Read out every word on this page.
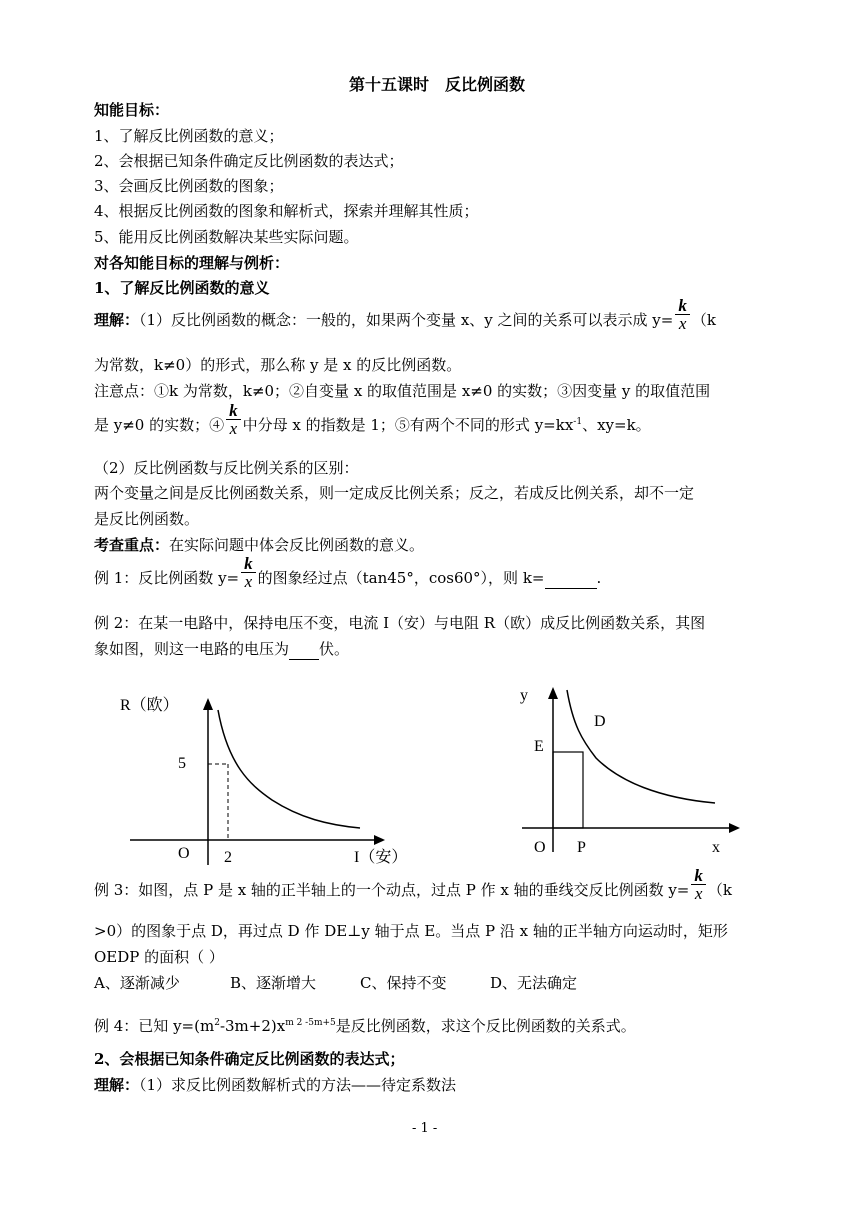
第十五课时　反比例函数
知能目标：
1、了解反比例函数的意义；
2、会根据已知条件确定反比例函数的表达式；
3、会画反比例函数的图象；
4、根据反比例函数的图象和解析式，探索并理解其性质；
5、能用反比例函数解决某些实际问题。
对各知能目标的理解与例析：
1、了解反比例函数的意义
理解：（1）反比例函数的概念：一般的，如果两个变量 x、y 之间的关系可以表示成 $y= \frac{k}{x} (k$
为常数，k≠0）的形式，那么称 y 是 x 的反比例函数。
注意点：①k 为常数，k≠0；②自变量 x 的取值范围是 x≠0 的实数；③因变量 y 的取值范围
是 y≠0 的实数；④ $\frac{k}{x}$ 中分母 x 的指数是 1；⑤有两个不同的形式 $y=kx^{-1}$、xy=k。
（2）反比例函数与反比例关系的区别：
两个变量之间是反比例函数关系，则一定成反比例关系；反之，若成反比例关系，却不一定
是反比例函数。
考查重点：在实际问题中体会反比例函数的意义。
例 1：反比例函数 $y= \frac{k}{x}$ 的图象经过点（tan45°，cos60°），则 k=	.
例 2：在某一电路中，保持电压不变，电流 I（安）与电阻 R（欧）成反比例函数关系，其图
象如图，则这一电路的电压为 伏。
R（欧）
5
O 2	I（安）
y
D
E
O P	x
例 3：如图，点 P 是 x 轴的正半轴上的一个动点，过点 P 作 x 轴的垂线交反比例函数 $y= \frac{k}{x} (k$
>0）的图象于点 D，再过点 D 作 DE⊥y 轴于点 E。当点 P 沿 x 轴的正半轴方向运动时，矩形
OEDP 的面积（ ）
A、逐渐减少	B、逐渐增大	C、保持不变	D、无法确定
例 4：已知 $y=(m^2-3m+2)x^{m 2 -5m+5}$是反比例函数，求这个反比例函数的关系式。
2、会根据已知条件确定反比例函数的表达式；
理解：（1）求反比例函数解析式的方法——待定系数法
- 1 -
